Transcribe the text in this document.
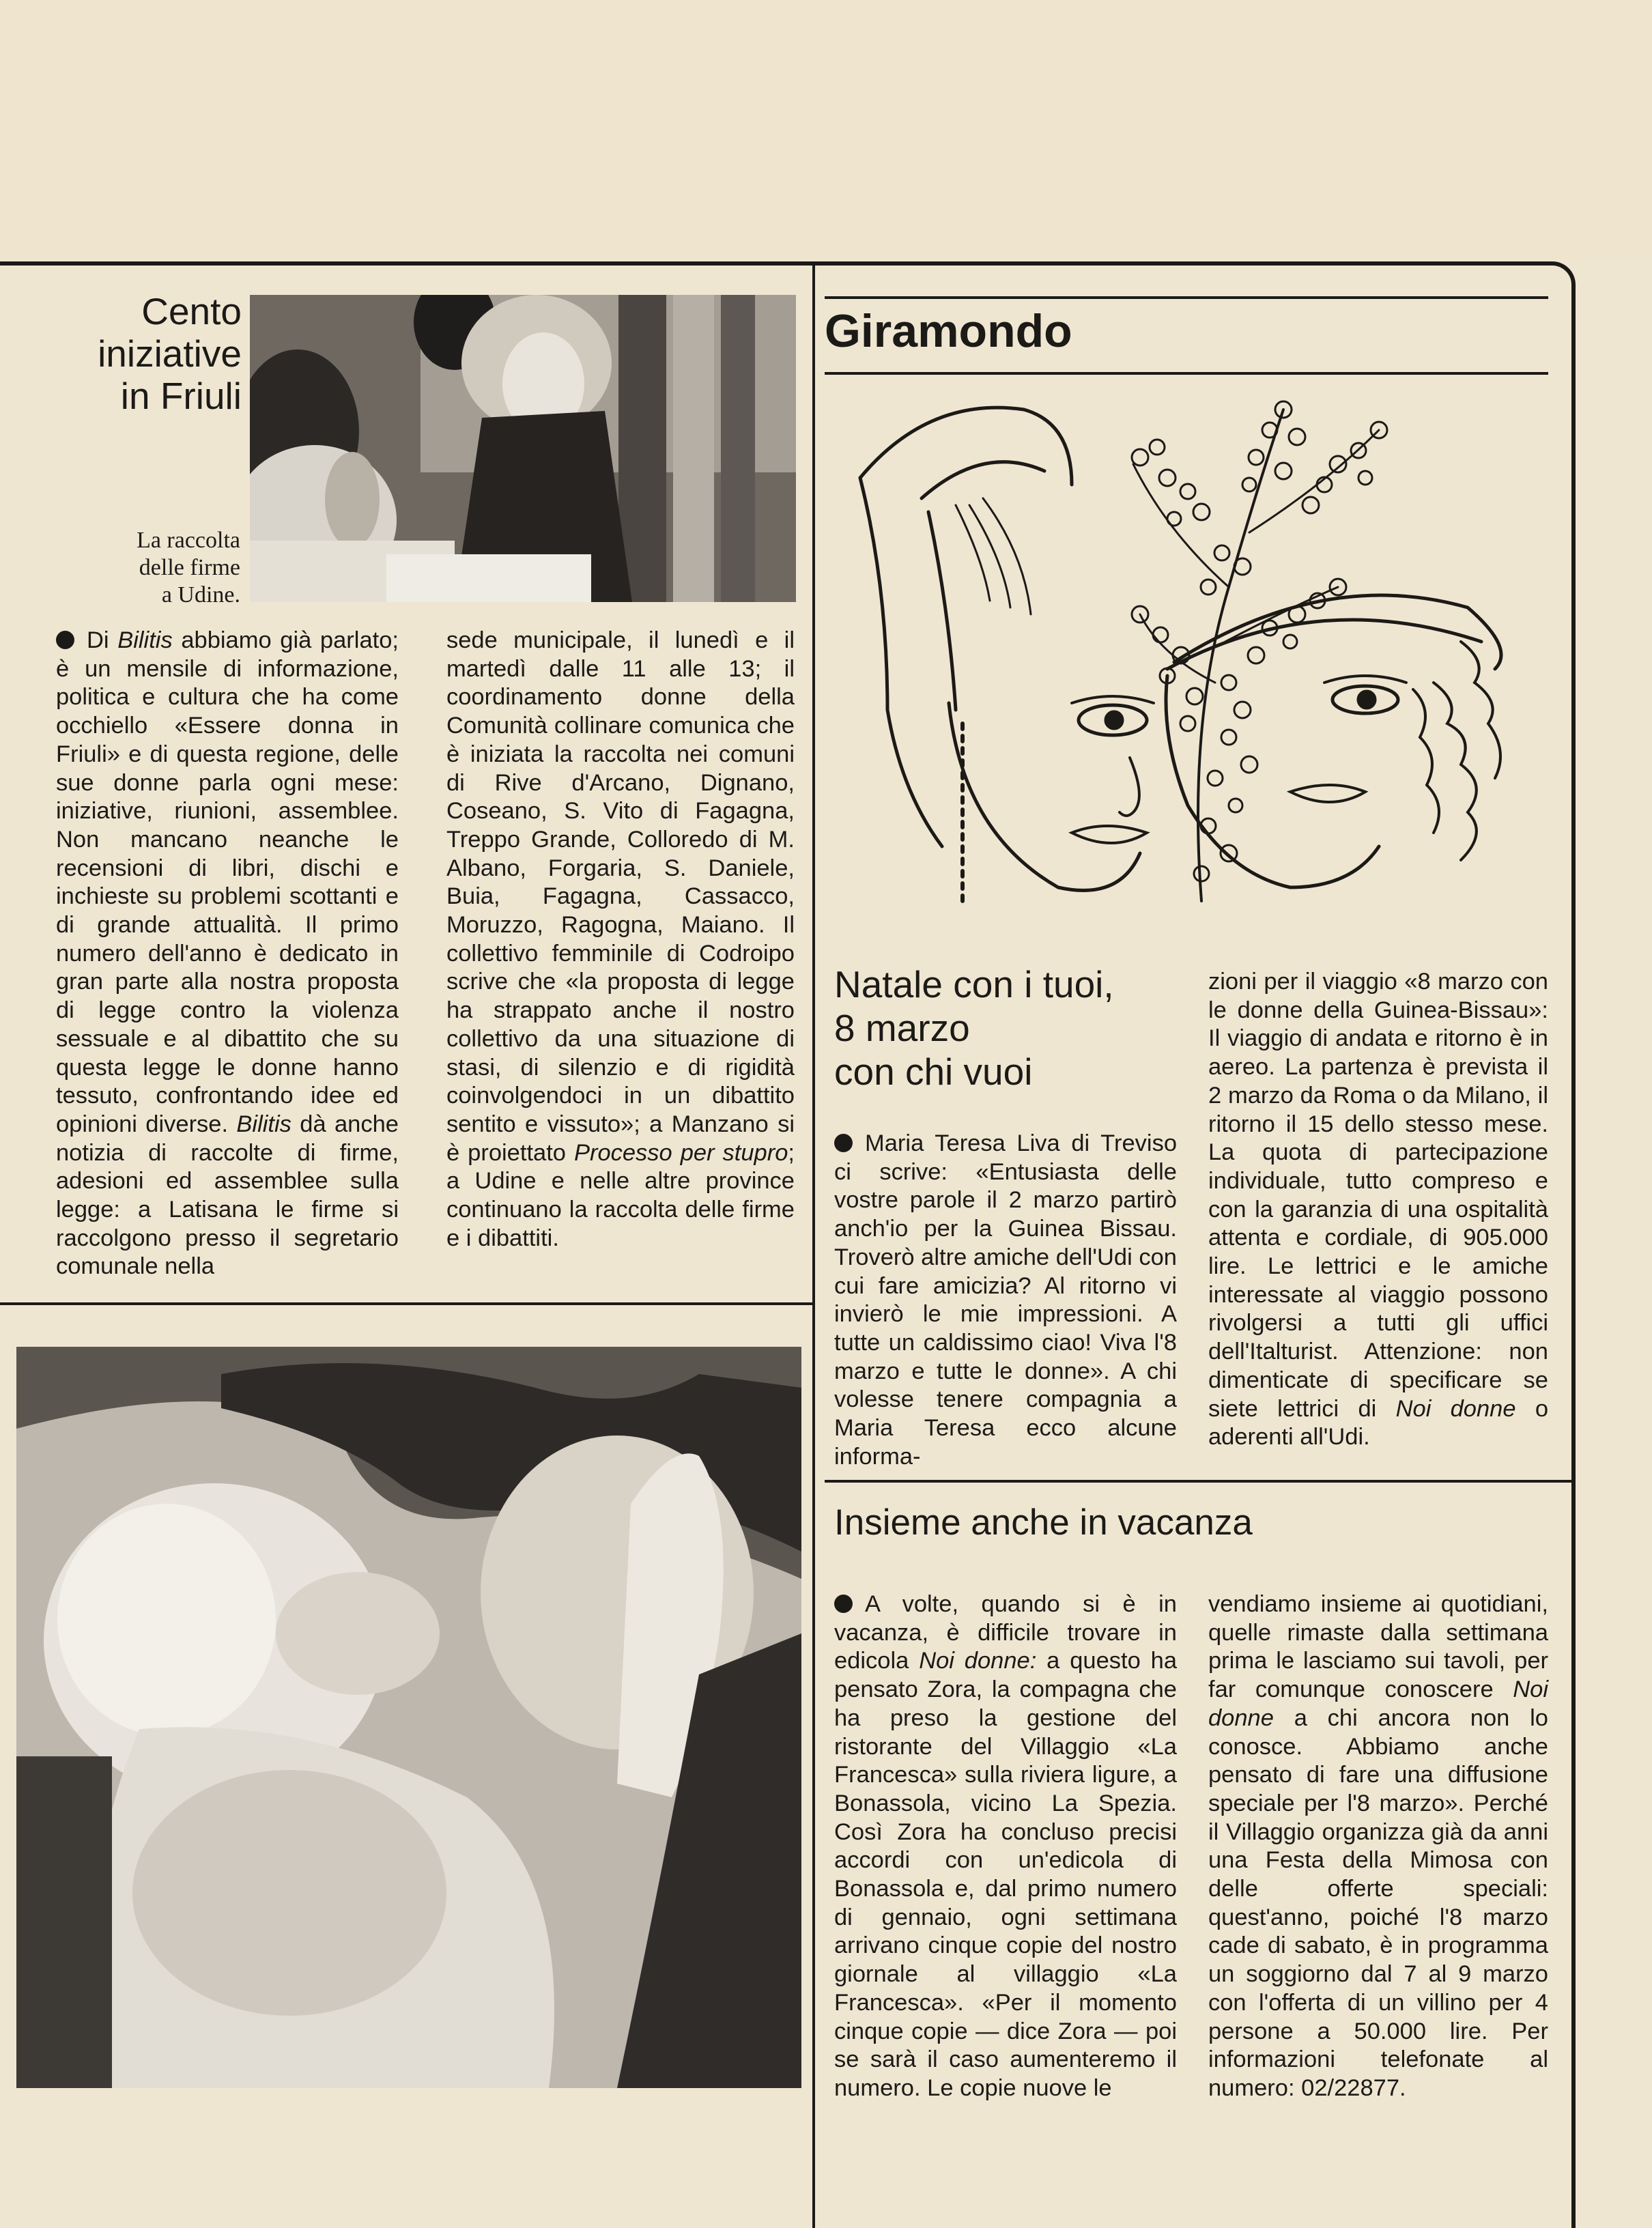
Cento
iniziative
in Friuli
La raccolta
delle firme
a Udine.

Di Bilitis abbiamo già parlato; è un mensile di informazione, politica e cultura che ha come occhiello «Essere donna in Friuli» e di questa regione, delle sue donne parla ogni mese: iniziative, riunioni, assemblee. Non mancano neanche le recensioni di libri, dischi e inchieste su problemi scottanti e di grande attualità. Il primo numero dell'anno è dedicato in gran parte alla nostra proposta di legge contro la violenza sessuale e al dibattito che su questa legge le donne hanno tessuto, confrontando idee ed opinioni diverse. Bilitis dà anche notizia di raccolte di firme, adesioni ed assemblee sulla legge: a Latisana le firme si raccolgono presso il segretario comunale nella

sede municipale, il lunedì e il martedì dalle 11 alle 13; il coordinamento donne della Comunità collinare comunica che è iniziata la raccolta nei comuni di Rive d'Arcano, Dignano, Coseano, S. Vito di Fagagna, Treppo Grande, Colloredo di M. Albano, Forgaria, S. Daniele, Buia, Fagagna, Cassacco, Moruzzo, Ragogna, Maiano. Il collettivo femminile di Codroipo scrive che «la proposta di legge ha strappato anche il nostro collettivo da una situazione di stasi, di silenzio e di rigidità coinvolgendoci in un dibattito sentito e vissuto»; a Manzano si è proiettato Processo per stupro; a Udine e nelle altre province continuano la raccolta delle firme e i dibattiti.

Giramondo
Natale con i tuoi,
8 marzo
con chi vuoi

Maria Teresa Liva di Treviso ci scrive: «Entusiasta delle vostre parole il 2 marzo partirò anch'io per la Guinea Bissau. Troverò altre amiche dell'Udi con cui fare amicizia? Al ritorno vi invierò le mie impressioni. A tutte un caldissimo ciao! Viva l'8 marzo e tutte le donne». A chi volesse tenere compagnia a Maria Teresa ecco alcune informa-

zioni per il viaggio «8 marzo con le donne della Guinea-Bissau»: Il viaggio di andata e ritorno è in aereo. La partenza è prevista il 2 marzo da Roma o da Milano, il ritorno il 15 dello stesso mese. La quota di partecipazione individuale, tutto compreso e con la garanzia di una ospitalità attenta e cordiale, di 905.000 lire. Le lettrici e le amiche interessate al viaggio possono rivolgersi a tutti gli uffici dell'Italturist. Attenzione: non dimenticate di specificare se siete lettrici di Noi donne o aderenti all'Udi.

Insieme anche in vacanza

A volte, quando si è in vacanza, è difficile trovare in edicola Noi donne: a questo ha pensato Zora, la compagna che ha preso la gestione del ristorante del Villaggio «La Francesca» sulla riviera ligure, a Bonassola, vicino La Spezia. Così Zora ha concluso precisi accordi con un'edicola di Bonassola e, dal primo numero di gennaio, ogni settimana arrivano cinque copie del nostro giornale al villaggio «La Francesca». «Per il momento cinque copie — dice Zora — poi se sarà il caso aumenteremo il numero. Le copie nuove le

vendiamo insieme ai quotidiani, quelle rimaste dalla settimana prima le lasciamo sui tavoli, per far comunque conoscere Noi donne a chi ancora non lo conosce. Abbiamo anche pensato di fare una diffusione speciale per l'8 marzo». Perché il Villaggio organizza già da anni una Festa della Mimosa con delle offerte speciali: quest'anno, poiché l'8 marzo cade di sabato, è in programma un soggiorno dal 7 al 9 marzo con l'offerta di un villino per 4 persone a 50.000 lire. Per informazioni telefonate al numero: 02/22877.
